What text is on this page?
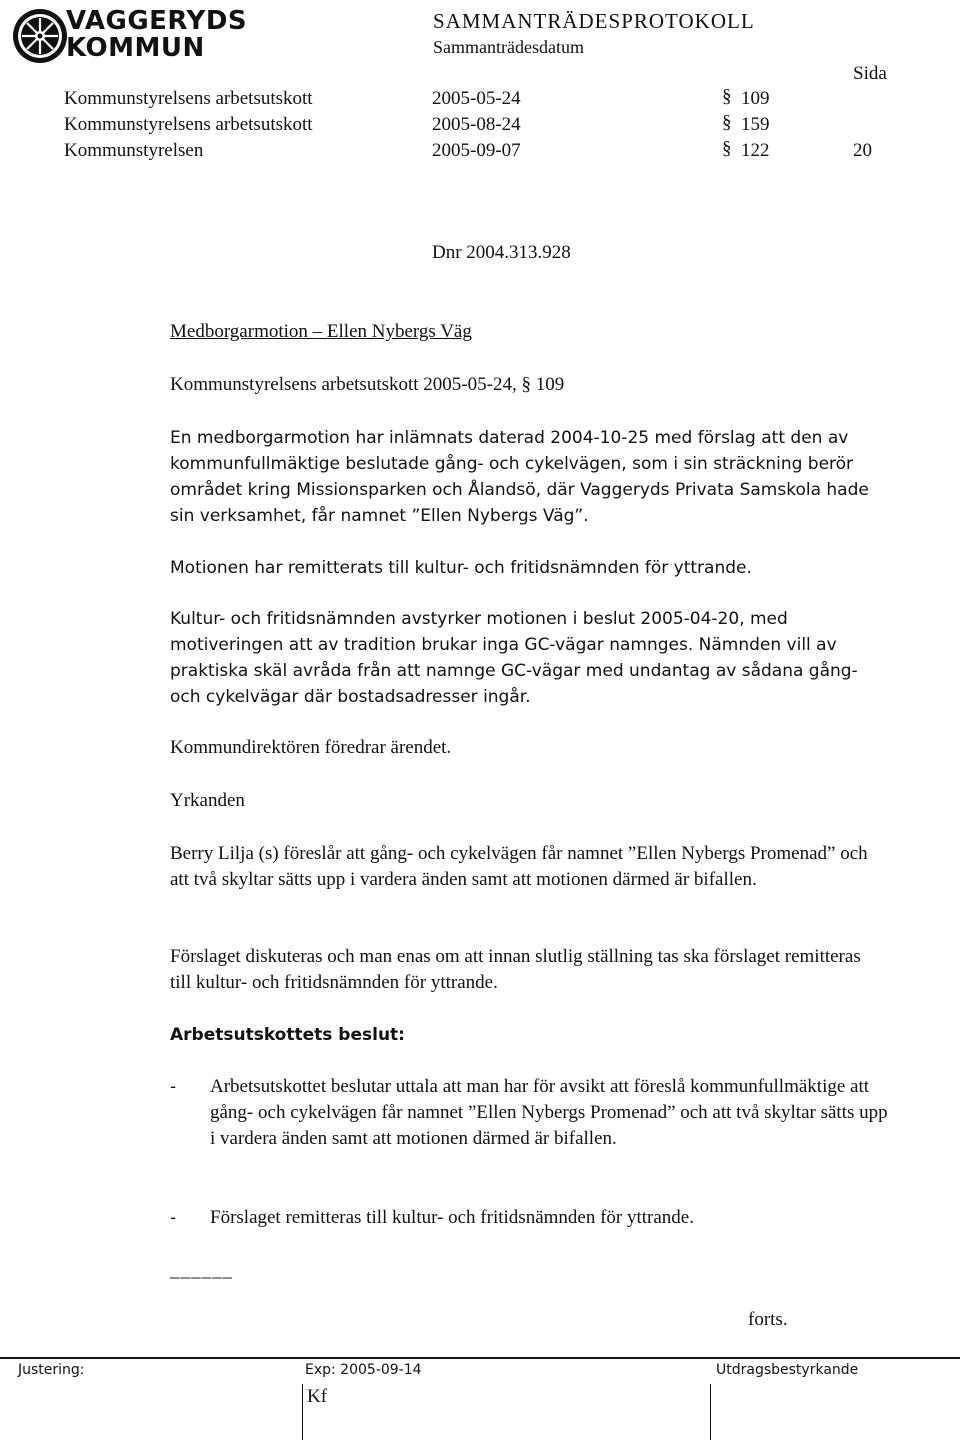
VAGGERYDS
KOMMUN
SAMMANTRÄDESPROTOKOLL
Sammanträdesdatum
Sida
Kommunstyrelsens arbetsutskott	2005-05-24	§ 109
Kommunstyrelsens arbetsutskott	2005-08-24	§ 159
Kommunstyrelsen	2005-09-07	§ 122	20
Dnr 2004.313.928
Medborgarmotion – Ellen Nybergs Väg
Kommunstyrelsens arbetsutskott 2005-05-24, § 109

En medborgarmotion har inlämnats daterad 2004-10-25 med förslag att den av kommunfullmäktige beslutade gång- och cykelvägen, som i sin sträckning berör området kring Missionsparken och Ålandsö, där Vaggeryds Privata Samskola hade sin verksamhet, får namnet ”Ellen Nybergs Väg”.

Motionen har remitterats till kultur- och fritidsnämnden för yttrande.

Kultur- och fritidsnämnden avstyrker motionen i beslut 2005-04-20, med motiveringen att av tradition brukar inga GC-vägar namnges. Nämnden vill av praktiska skäl avråda från att namnge GC-vägar med undantag av sådana gång- och cykelvägar där bostadsadresser ingår.

Kommundirektören föredrar ärendet.

Yrkanden

Berry Lilja (s) föreslår att gång- och cykelvägen får namnet ”Ellen Nybergs Promenad” och att två skyltar sätts upp i vardera änden samt att motionen därmed är bifallen.

Förslaget diskuteras och man enas om att innan slutlig ställning tas ska förslaget remitteras till kultur- och fritidsnämnden för yttrande.

Arbetsutskottets beslut:
- Arbetsutskottet beslutar uttala att man har för avsikt att föreslå kommunfullmäktige att gång- och cykelvägen får namnet ”Ellen Nybergs Promenad” och att två skyltar sätts upp i vardera änden samt att motionen därmed är bifallen.

- Förslaget remitteras till kultur- och fritidsnämnden för yttrande.

______
forts.
Justering:	Exp: 2005-09-14
Kf
Utdragsbestyrkande
